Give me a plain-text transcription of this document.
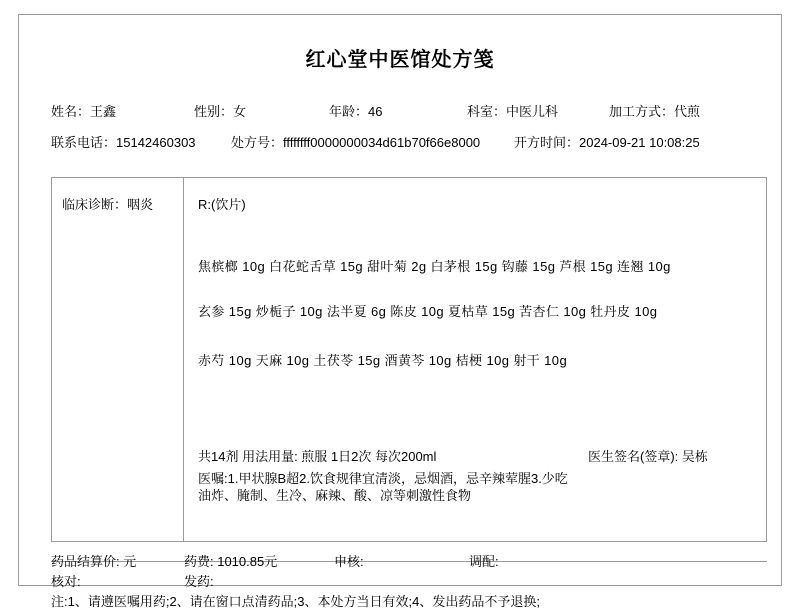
红心堂中医馆处方笺
姓名：王鑫	性别：女	年龄：46	科室：中医儿科	加工方式：代煎
联系电话：15142460303	处方号：ffffffff0000000034d61b70f66e8000	开方时间：2024-09-21 10:08:25
临床诊断：咽炎	R:(饮片)
焦槟榔 10g 白花蛇舌草 15g 甜叶菊 2g 白茅根 15g 钩藤 15g 芦根 15g 连翘 10g
玄参 15g 炒栀子 10g 法半夏 6g 陈皮 10g 夏枯草 15g 苦杏仁 10g 牡丹皮 10g
赤芍 10g 天麻 10g 土茯苓 15g 酒黄芩 10g 桔梗 10g 射干 10g
共14剂 用法用量: 煎服 1日2次 每次200ml	医生签名(签章): 吴栋
医嘱:1.甲状腺B超2.饮食规律宜清淡，忌烟酒，忌辛辣荤腥3.少吃
油炸、腌制、生冷、麻辣、酸、凉等刺激性食物
药品结算价: 元	药费: 1010.85元	申核:	调配:
核对:	发药:
注:1、请遵医嘱用药;2、请在窗口点清药品;3、本处方当日有效;4、发出药品不予退换;
